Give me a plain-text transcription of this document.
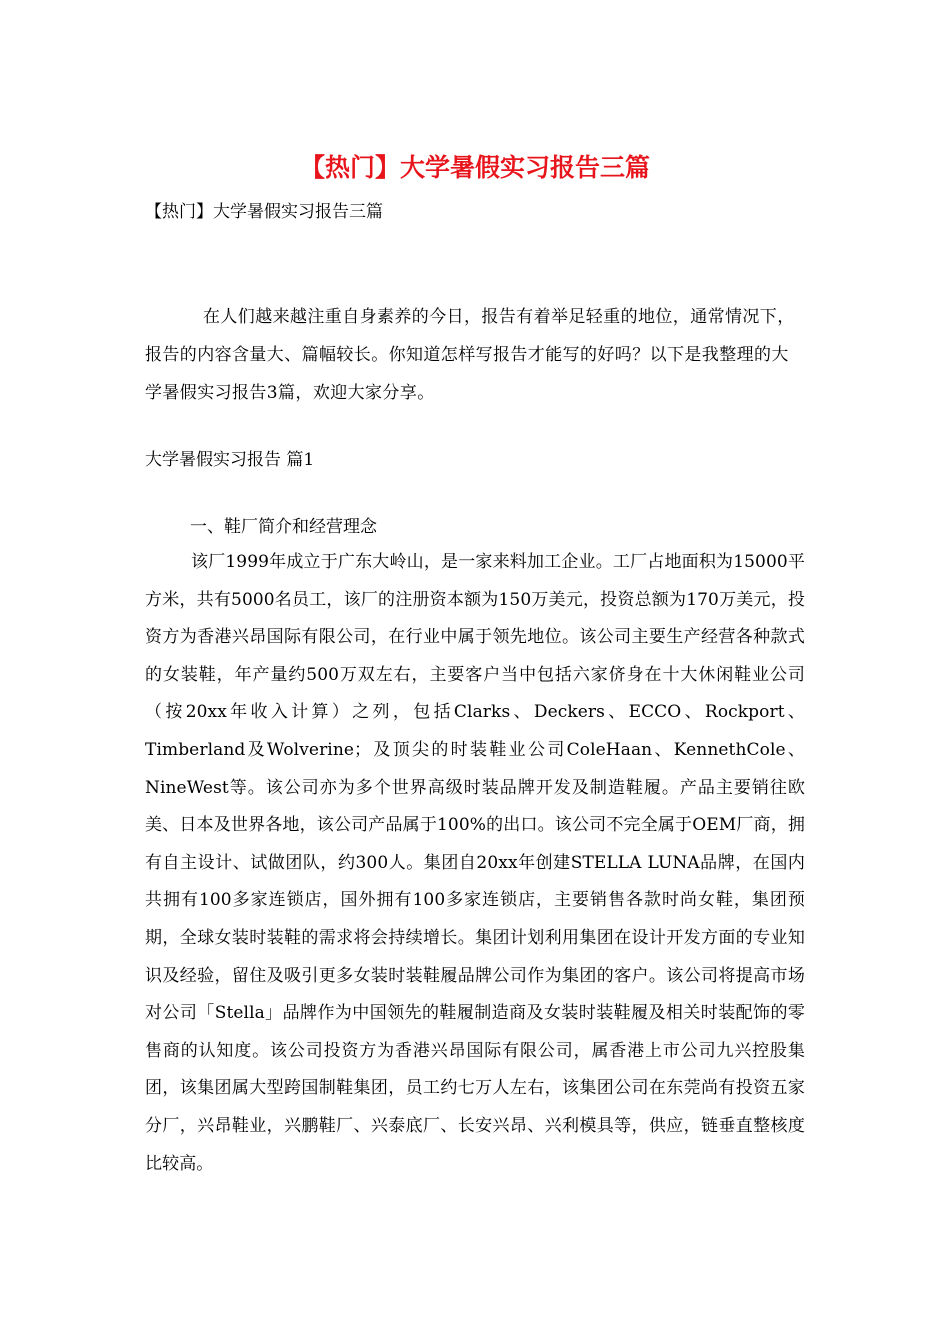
【热门】大学暑假实习报告三篇
【热门】大学暑假实习报告三篇

在人们越来越注重自身素养的今日，报告有着举足轻重的地位，通常情况下，报告的内容含量大、篇幅较长。你知道怎样写报告才能写的好吗？以下是我整理的大学暑假实习报告3篇，欢迎大家分享。

大学暑假实习报告 篇1
一、鞋厂简介和经营理念

该厂1999年成立于广东大岭山，是一家来料加工企业。工厂占地面积为15000平方米，共有5000名员工，该厂的注册资本额为150万美元，投资总额为170万美元，投资方为香港兴昂国际有限公司，在行业中属于领先地位。该公司主要生产经营各种款式的女装鞋，年产量约500万双左右，主要客户当中包括六家侪身在十大休闲鞋业公司（按20xx年收入计算）之列，包括Clarks、Deckers、ECCO、Rockport、Timberland及Wolverine；及顶尖的时装鞋业公司ColeHaan、KennethCole、NineWest等。该公司亦为多个世界高级时装品牌开发及制造鞋履。产品主要销往欧美、日本及世界各地，该公司产品属于100%的出口。该公司不完全属于OEM厂商，拥有自主设计、试做团队，约300人。集团自20xx年创建STELLA LUNA品牌，在国内共拥有100多家连锁店，国外拥有100多家连锁店，主要销售各款时尚女鞋，集团预期，全球女装时装鞋的需求将会持续增长。集团计划利用集团在设计开发方面的专业知识及经验，留住及吸引更多女装时装鞋履品牌公司作为集团的客户。该公司将提高市场对公司「Stella」品牌作为中国领先的鞋履制造商及女装时装鞋履及相关时装配饰的零售商的认知度。该公司投资方为香港兴昂国际有限公司，属香港上市公司九兴控股集团，该集团属大型跨国制鞋集团，员工约七万人左右，该集团公司在东莞尚有投资五家分厂，兴昂鞋业，兴鹏鞋厂、兴泰底厂、长安兴昂、兴利模具等，供应，链垂直整核度比较高。
